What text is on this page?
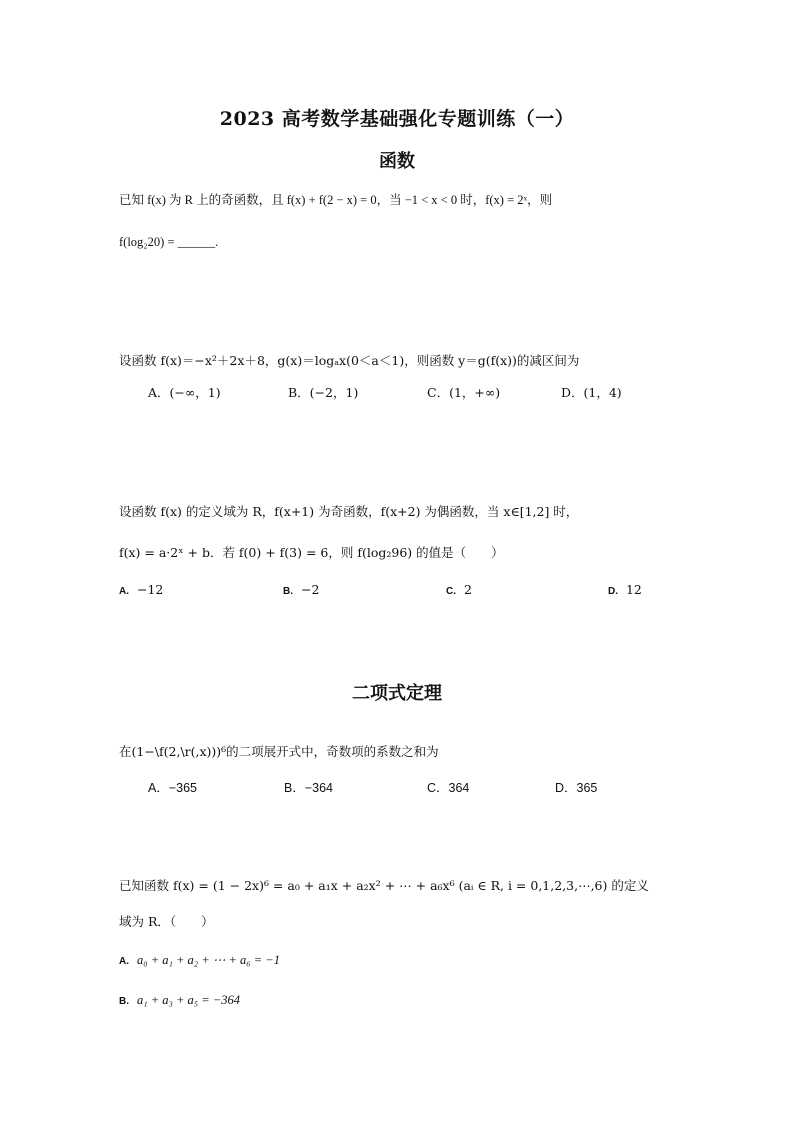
2023 高考数学基础强化专题训练（一）
函数
已知 f(x) 为 R 上的奇函数，且 f(x) + f(2 − x) = 0，当 −1 < x < 0 时，f(x) = 2ˣ，则
f(log₂20) = ______.
设函数 f(x)＝−x²＋2x＋8，g(x)＝logₐx(0＜a＜1)，则函数 y＝g(f(x))的减区间为
A．(−∞，1)	B．(−2，1)	C．(1，+∞)	D．(1，4)
设函数 f(x) 的定义域为 R，f(x+1) 为奇函数，f(x+2) 为偶函数，当 x∈[1,2] 时，
f(x) = a·2ˣ + b．若 f(0) + f(3) = 6，则 f(log₂96) 的值是（　　）
A. −12	B. −2	C. 2	D. 12
二项式定理
在(1−\f(2,\r(,x)))⁶的二项展开式中，奇数项的系数之和为
A．−365	B．−364	C．364	D．365
已知函数 f(x) = (1 − 2x)⁶ = a₀ + a₁x + a₂x² + ⋯ + a₆x⁶ (aᵢ ∈ R, i = 0,1,2,3,⋯,6) 的定义
域为 R．（　　）
A. a₀ + a₁ + a₂ + ⋯ + a₆ = −1
B. a₁ + a₃ + a₅ = −364
